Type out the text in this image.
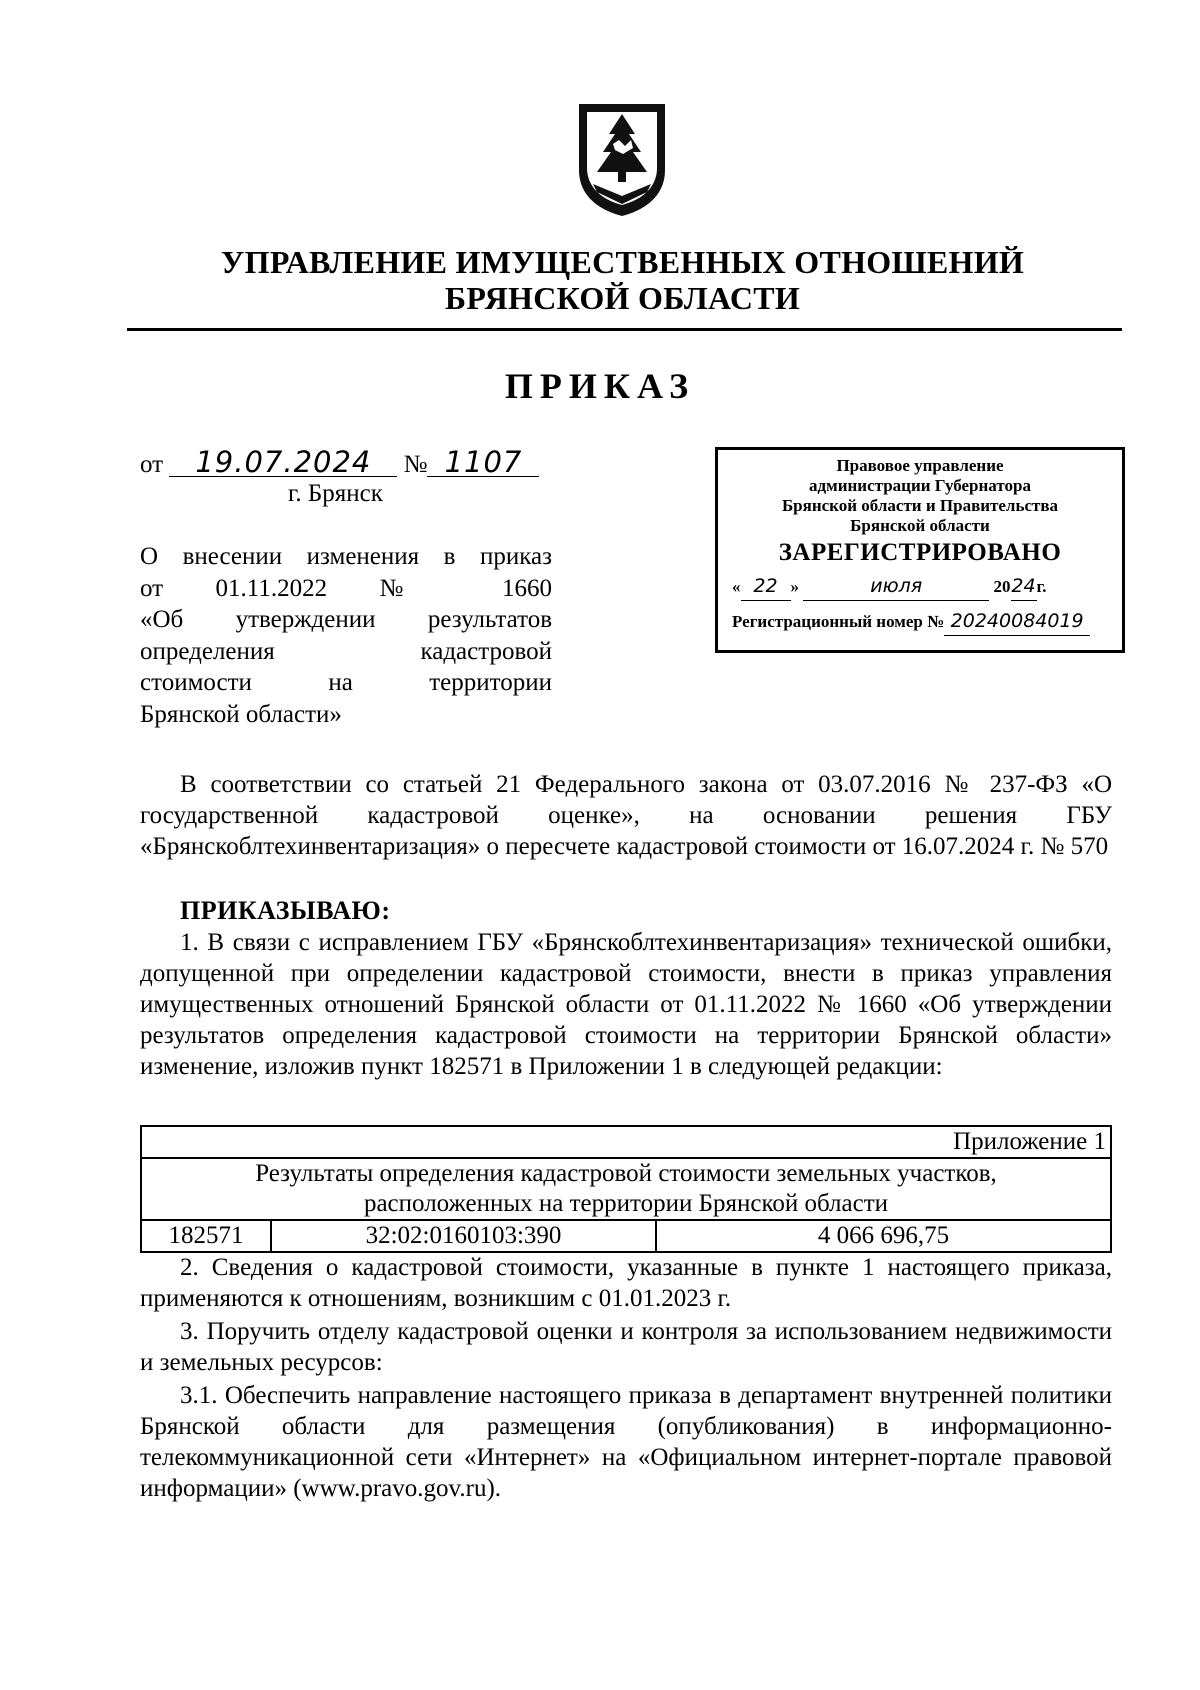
УПРАВЛЕНИЕ ИМУЩЕСТВЕННЫХ ОТНОШЕНИЙ
БРЯНСКОЙ ОБЛАСТИ
ПРИКАЗ
от 19.07.2024 № 1107
г. Брянск
Правовое управление
администрации Губернатора
Брянской области и Правительства
Брянской области
ЗАРЕГИСТРИРОВАНО
« 22 »	июля	2024г.
Регистрационный номер № 20240084019
О внесении изменения в приказ
от 01.11.2022 № 1660
«Об утверждении результатов
определения кадастровой
стоимости на территории
Брянской области»
В соответствии со статьей 21 Федерального закона от 03.07.2016 № 237-ФЗ «О государственной кадастровой оценке», на основании решения ГБУ «Брянскоблтехинвентаризация» о пересчете кадастровой стоимости от 16.07.2024 г. № 570
ПРИКАЗЫВАЮ:
1. В связи с исправлением ГБУ «Брянскоблтехинвентаризация» технической ошибки, допущенной при определении кадастровой стоимости, внести в приказ управления имущественных отношений Брянской области от 01.11.2022 № 1660 «Об утверждении результатов определения кадастровой стоимости на территории Брянской области» изменение, изложив пункт 182571 в Приложении 1 в следующей редакции:
Приложение 1

Результаты определения кадастровой стоимости земельных участков,
расположенных на территории Брянской области

182571	32:02:0160103:390	4 066 696,75
2. Сведения о кадастровой стоимости, указанные в пункте 1 настоящего приказа, применяются к отношениям, возникшим с 01.01.2023 г.
3. Поручить отделу кадастровой оценки и контроля за использованием недвижимости и земельных ресурсов:
3.1. Обеспечить направление настоящего приказа в департамент внутренней политики Брянской области для размещения (опубликования) в информационно-телекоммуникационной сети «Интернет» на «Официальном интернет-портале правовой информации» (www.pravo.gov.ru).
